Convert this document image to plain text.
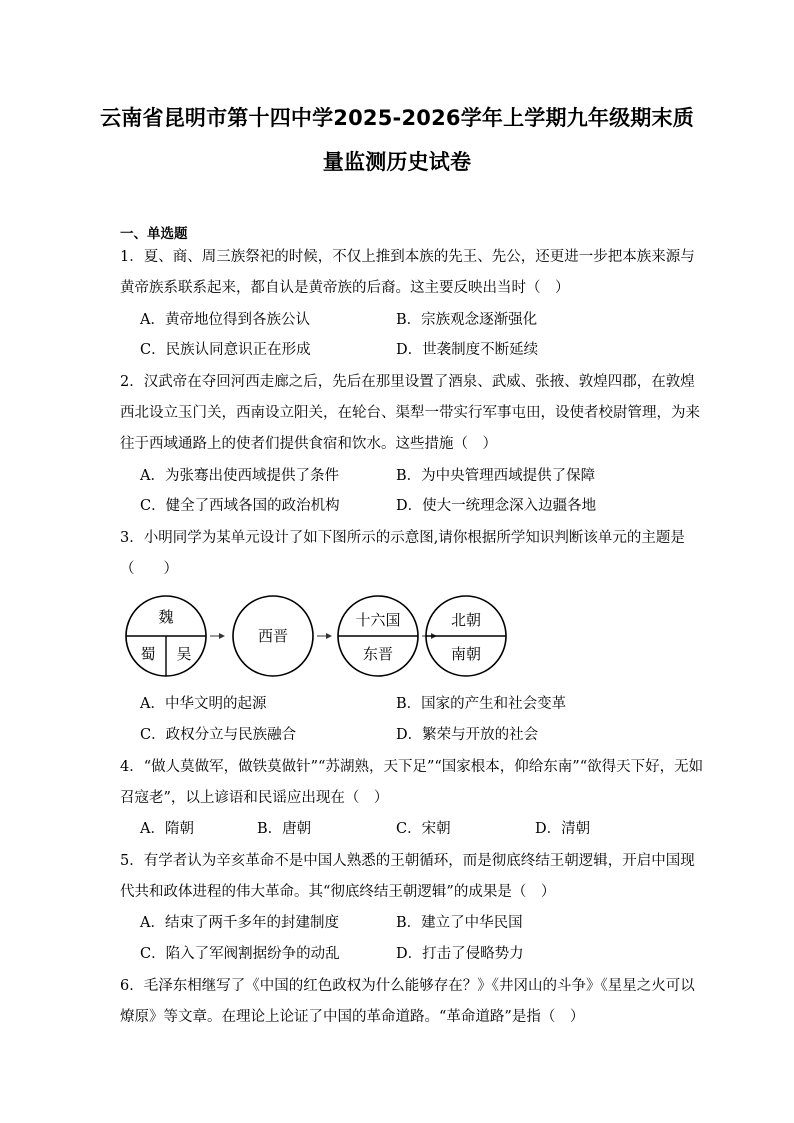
云南省昆明市第十四中学2025-2026学年上学期九年级期末质
量监测历史试卷
一、单选题
1．夏、商、周三族祭祀的时候，不仅上推到本族的先王、先公，还更进一步把本族来源与
黄帝族系联系起来，都自认是黄帝族的后裔。这主要反映出当时（　）
A．黄帝地位得到各族公认	B．宗族观念逐渐强化
C．民族认同意识正在形成	D．世袭制度不断延续
2．汉武帝在夺回河西走廊之后，先后在那里设置了酒泉、武威、张掖、敦煌四郡，在敦煌
西北设立玉门关，西南设立阳关，在轮台、渠犁一带实行军事屯田，设使者校尉管理，为来
往于西域通路上的使者们提供食宿和饮水。这些措施（　）
A．为张骞出使西域提供了条件	B．为中央管理西域提供了保障
C．健全了西域各国的政治机构	D．使大一统理念深入边疆各地
3．小明同学为某单元设计了如下图所示的示意图,请你根据所学知识判断该单元的主题是
（　　）
魏
蜀 吴
西晋
十六国
东晋
北朝
南朝
A．中华文明的起源	B．国家的产生和社会变革
C．政权分立与民族融合	D．繁荣与开放的社会
4．“做人莫做军，做铁莫做针”“苏湖熟，天下足”“国家根本，仰给东南”“欲得天下好，无如
召寇老”，以上谚语和民谣应出现在（　）
A．隋朝	B．唐朝	C．宋朝	D．清朝
5．有学者认为辛亥革命不是中国人熟悉的王朝循环，而是彻底终结王朝逻辑，开启中国现
代共和政体进程的伟大革命。其“彻底终结王朝逻辑”的成果是（　）
A．结束了两千多年的封建制度	B．建立了中华民国
C．陷入了军阀割据纷争的动乱	D．打击了侵略势力
6．毛泽东相继写了《中国的红色政权为什么能够存在？》《井冈山的斗争》《星星之火可以
燎原》等文章。在理论上论证了中国的革命道路。“革命道路”是指（　）
